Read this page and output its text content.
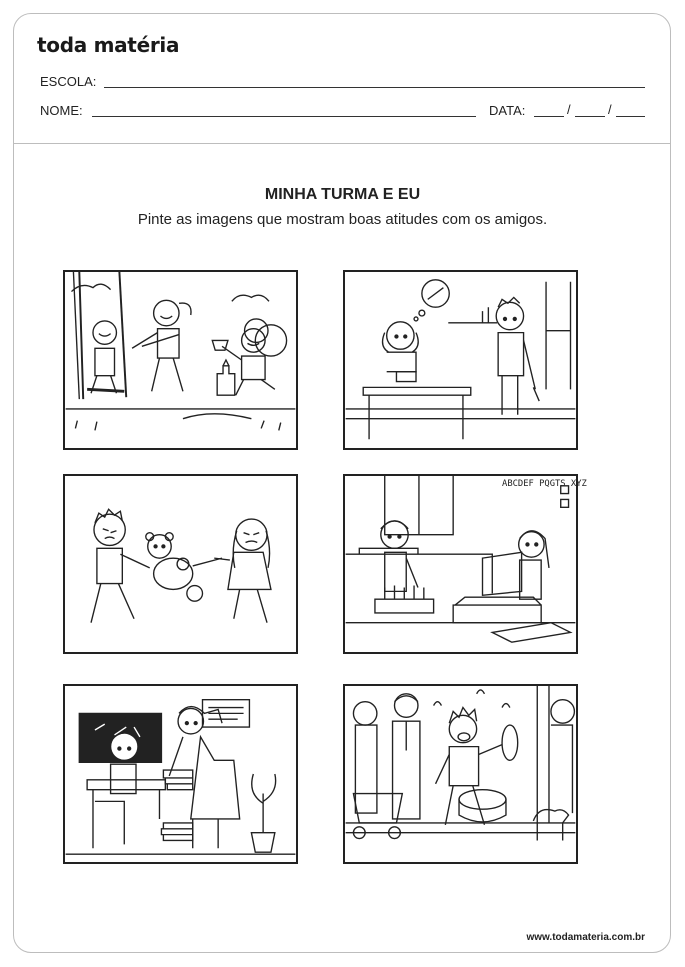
toda matéria
ESCOLA:
NOME:	DATA:	/	/
MINHA TURMA E EU
Pinte as imagens que mostram boas atitudes com os amigos.
ABCDEF PQGTS XYZ
www.todamateria.com.br
